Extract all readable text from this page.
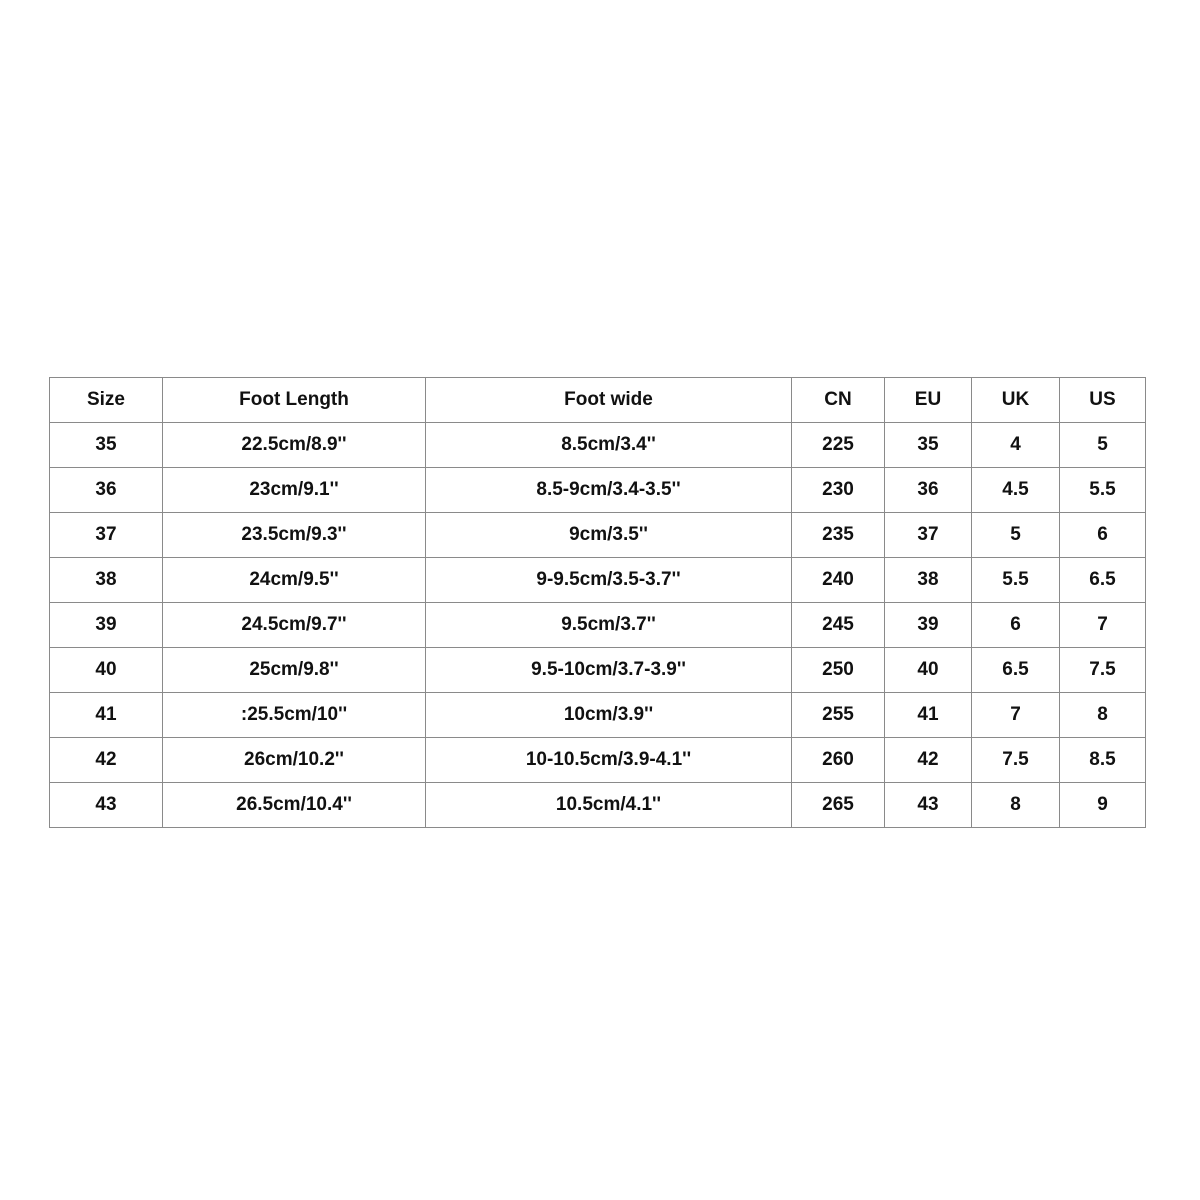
Size	Foot Length	Foot wide	CN	EU	UK	US
35	22.5cm/8.9''	8.5cm/3.4''	225	35	4	5
36	23cm/9.1''	8.5-9cm/3.4-3.5''	230	36	4.5	5.5
37	23.5cm/9.3''	9cm/3.5''	235	37	5	6
38	24cm/9.5''	9-9.5cm/3.5-3.7''	240	38	5.5	6.5
39	24.5cm/9.7''	9.5cm/3.7''	245	39	6	7
40	25cm/9.8''	9.5-10cm/3.7-3.9''	250	40	6.5	7.5
41	:25.5cm/10''	10cm/3.9''	255	41	7	8
42	26cm/10.2''	10-10.5cm/3.9-4.1''	260	42	7.5	8.5
43	26.5cm/10.4''	10.5cm/4.1''	265	43	8	9
